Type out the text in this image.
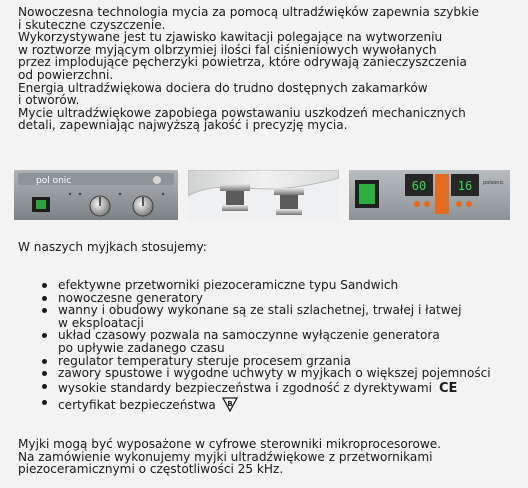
Nowoczesna technologia mycia za pomocą ultradźwięków zapewnia szybkie
i skuteczne czyszczenie.
Wykorzystywane jest tu zjawisko kawitacji polegające na wytworzeniu
w roztworze myjącym olbrzymiej ilości fal ciśnieniowych wywołanych
przez implodujące pęcherzyki powietrza, które odrywają zanieczyszczenia
od powierzchni.
Energia ultradźwiękowa dociera do trudno dostępnych zakamarków
i otworów.
Mycie ultradźwiękowe zapobiega powstawaniu uszkodzeń mechanicznych
detali, zapewniając najwyższą jakość i precyzję mycia.

pol onic	60	16 polsonic

W naszych myjkach stosujemy:

efektywne przetworniki piezoceramiczne typu Sandwich
nowoczesne generatory
wanny i obudowy wykonane są ze stali szlachetnej, trwałej i łatwej
w eksploatacji
układ czasowy pozwala na samoczynne wyłączenie generatora
po upływie zadanego czasu
regulator temperatury steruje procesem grzania
zawory spustowe i wygodne uchwyty w myjkach o większej pojemności
wysokie standardy bezpieczeństwa i zgodność z dyrektywami CE
certyfikat bezpieczeństwa B

Myjki mogą być wyposażone w cyfrowe sterowniki mikroprocesorowe.
Na zamówienie wykonujemy myjki ultradźwiękowe z przetwornikami
piezoceramicznymi o częstotliwości 25 kHz.
